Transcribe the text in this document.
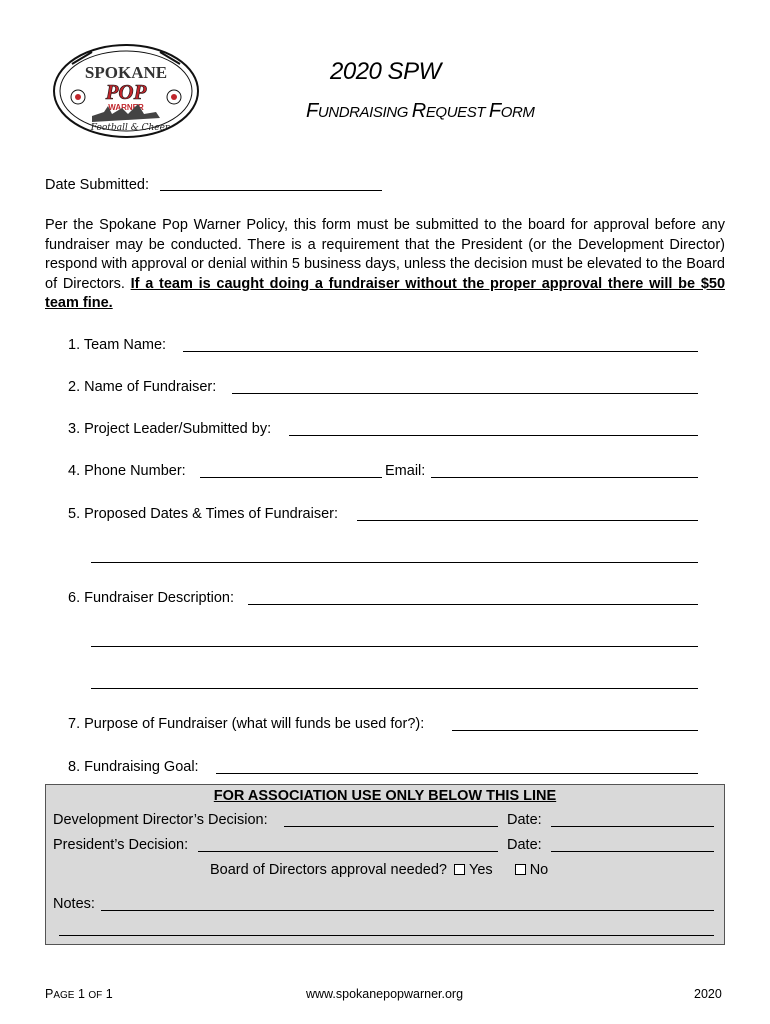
SPOKANE
POP
WARNER
Football & Cheer
2020 SPW
FUNDRAISING REQUEST FORM
Date Submitted:
Per the Spokane Pop Warner Policy, this form must be submitted to the board for approval before any fundraiser may be conducted. There is a requirement that the President (or the Development Director) respond with approval or denial within 5 business days, unless the decision must be elevated to the Board of Directors. If a team is caught doing a fundraiser without the proper approval there will be $50 team fine.
1. Team Name:
2. Name of Fundraiser:
3. Project Leader/Submitted by:
4. Phone Number:	Email:
5. Proposed Dates & Times of Fundraiser:
6. Fundraiser Description:
7. Purpose of Fundraiser (what will funds be used for?):
8. Fundraising Goal:
FOR ASSOCIATION USE ONLY BELOW THIS LINE
Development Director’s Decision:	Date:
President’s Decision:	Date:
Board of Directors approval needed? Yes	No
Notes:
PAGE 1 OF 1	www.spokanepopwarner.org	2020
